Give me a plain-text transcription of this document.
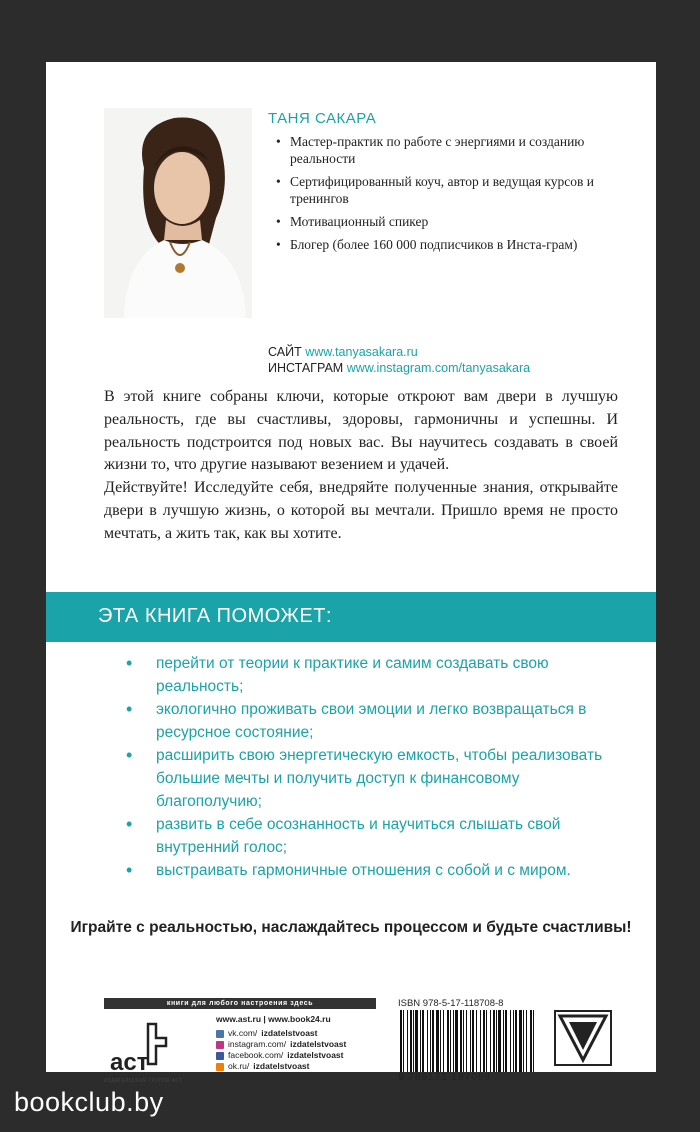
ТАНЯ САКАРА
• Мастер-практик по работе с энергиями и созданию реальности
• Сертифицированный коуч, автор и ведущая курсов и тренингов
• Мотивационный спикер
• Блогер (более 160 000 подписчиков в Инста-грам)
САЙТ www.tanyasakara.ru
ИНСТАГРАМ www.instagram.com/tanyasakara

В этой книге собраны ключи, которые откроют вам двери в лучшую реальность, где вы счастливы, здоровы, гармоничны и успешны. И реальность подстроится под новых вас. Вы научитесь создавать в своей жизни то, что другие называют везением и удачей.

Действуйте! Исследуйте себя, внедряйте полученные знания, открывайте двери в лучшую жизнь, о которой вы мечтали. Пришло время не просто мечтать, а жить так, как вы хотите.

ЭТА КНИГА ПОМОЖЕТ:
• перейти от теории к практике и самим создавать свою реальность;
• экологично проживать свои эмоции и легко возвращаться в ресурсное состояние;
• расширить свою энергетическую емкость, чтобы реализовать большие мечты и получить доступ к финансовому благополучию;
• развить в себе осознанность и научиться слышать свой внутренний голос;
• выстраивать гармоничные отношения с собой и с миром.
Играйте с реальностью, наслаждайтесь процессом и будьте счастливы!
книги для любого настроения здесь
аст
ИЗДАТЕЛЬСКАЯ ГРУППА АСТ
www.ast.ru | www.book24.ru
vk.com/ izdatelstvoast
instagram.com/ izdatelstvoast
facebook.com/ izdatelstvoast
ok.ru/ izdatelstvoast
ISBN 978-5-17-118708-8
9 785171 187088
bookclub.by
